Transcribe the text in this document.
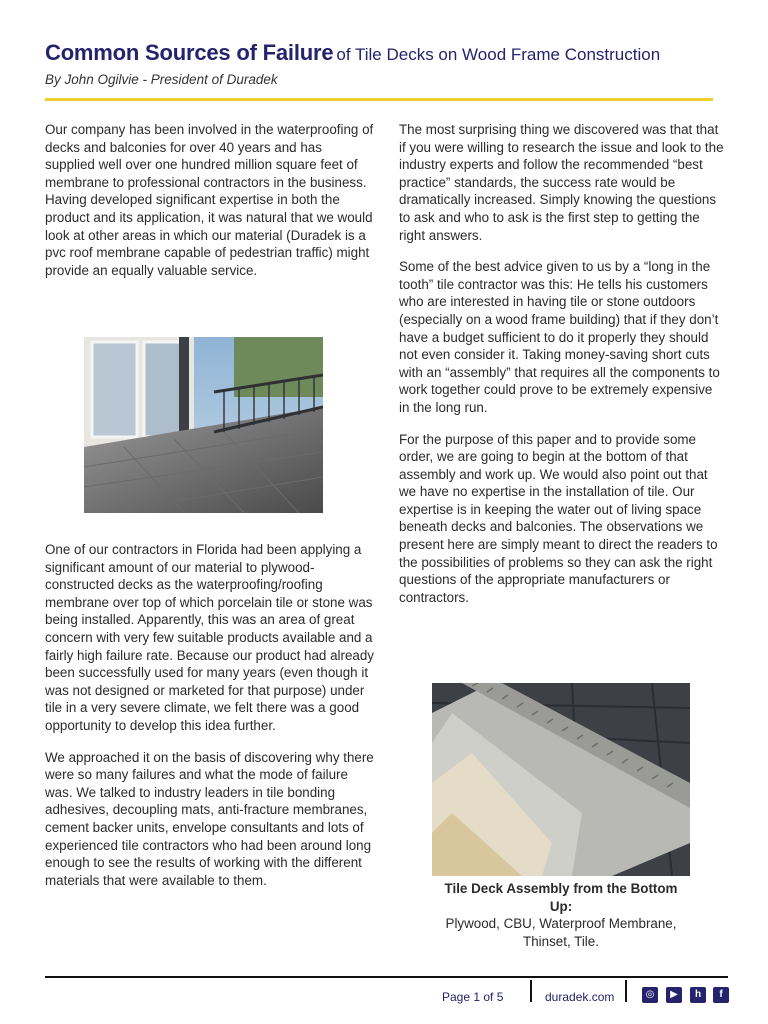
Common Sources of Failure of Tile Decks on Wood Frame Construction
By John Ogilvie - President of Duradek

Our company has been involved in the waterproofing of decks and balconies for over 40 years and has supplied well over one hundred million square feet of membrane to professional contractors in the business. Having developed significant expertise in both the product and its application, it was natural that we would look at other areas in which our material (Duradek is a pvc roof membrane capable of pedestrian traffic) might provide an equally valuable service.

One of our contractors in Florida had been applying a significant amount of our material to plywood-constructed decks as the waterproofing/roofing membrane over top of which porcelain tile or stone was being installed. Apparently, this was an area of great concern with very few suitable products available and a fairly high failure rate. Because our product had already been successfully used for many years (even though it was not designed or marketed for that purpose) under tile in a very severe climate, we felt there was a good opportunity to develop this idea further.

We approached it on the basis of discovering why there were so many failures and what the mode of failure was. We talked to industry leaders in tile bonding adhesives, decoupling mats, anti-fracture membranes, cement backer units, envelope consultants and lots of experienced tile contractors who had been around long enough to see the results of working with the different materials that were available to them.

The most surprising thing we discovered was that that if you were willing to research the issue and look to the industry experts and follow the recommended “best practice” standards, the success rate would be dramatically increased. Simply knowing the questions to ask and who to ask is the first step to getting the right answers.

Some of the best advice given to us by a “long in the tooth” tile contractor was this: He tells his customers who are interested in having tile or stone outdoors (especially on a wood frame building) that if they don’t have a budget sufficient to do it properly they should not even consider it. Taking money-saving short cuts with an “assembly” that requires all the components to work together could prove to be extremely expensive in the long run.

For the purpose of this paper and to provide some order, we are going to begin at the bottom of that assembly and work up. We would also point out that we have no expertise in the installation of tile. Our expertise is in keeping the water out of living space beneath decks and balconies. The observations we present here are simply meant to direct the readers to the possibilities of problems so they can ask the right questions of the appropriate manufacturers or contractors.

Tile Deck Assembly from the Bottom Up:
Plywood, CBU, Waterproof Membrane, Thinset, Tile.
Page 1 of 5	duradek.com	◎	▶	h	f
